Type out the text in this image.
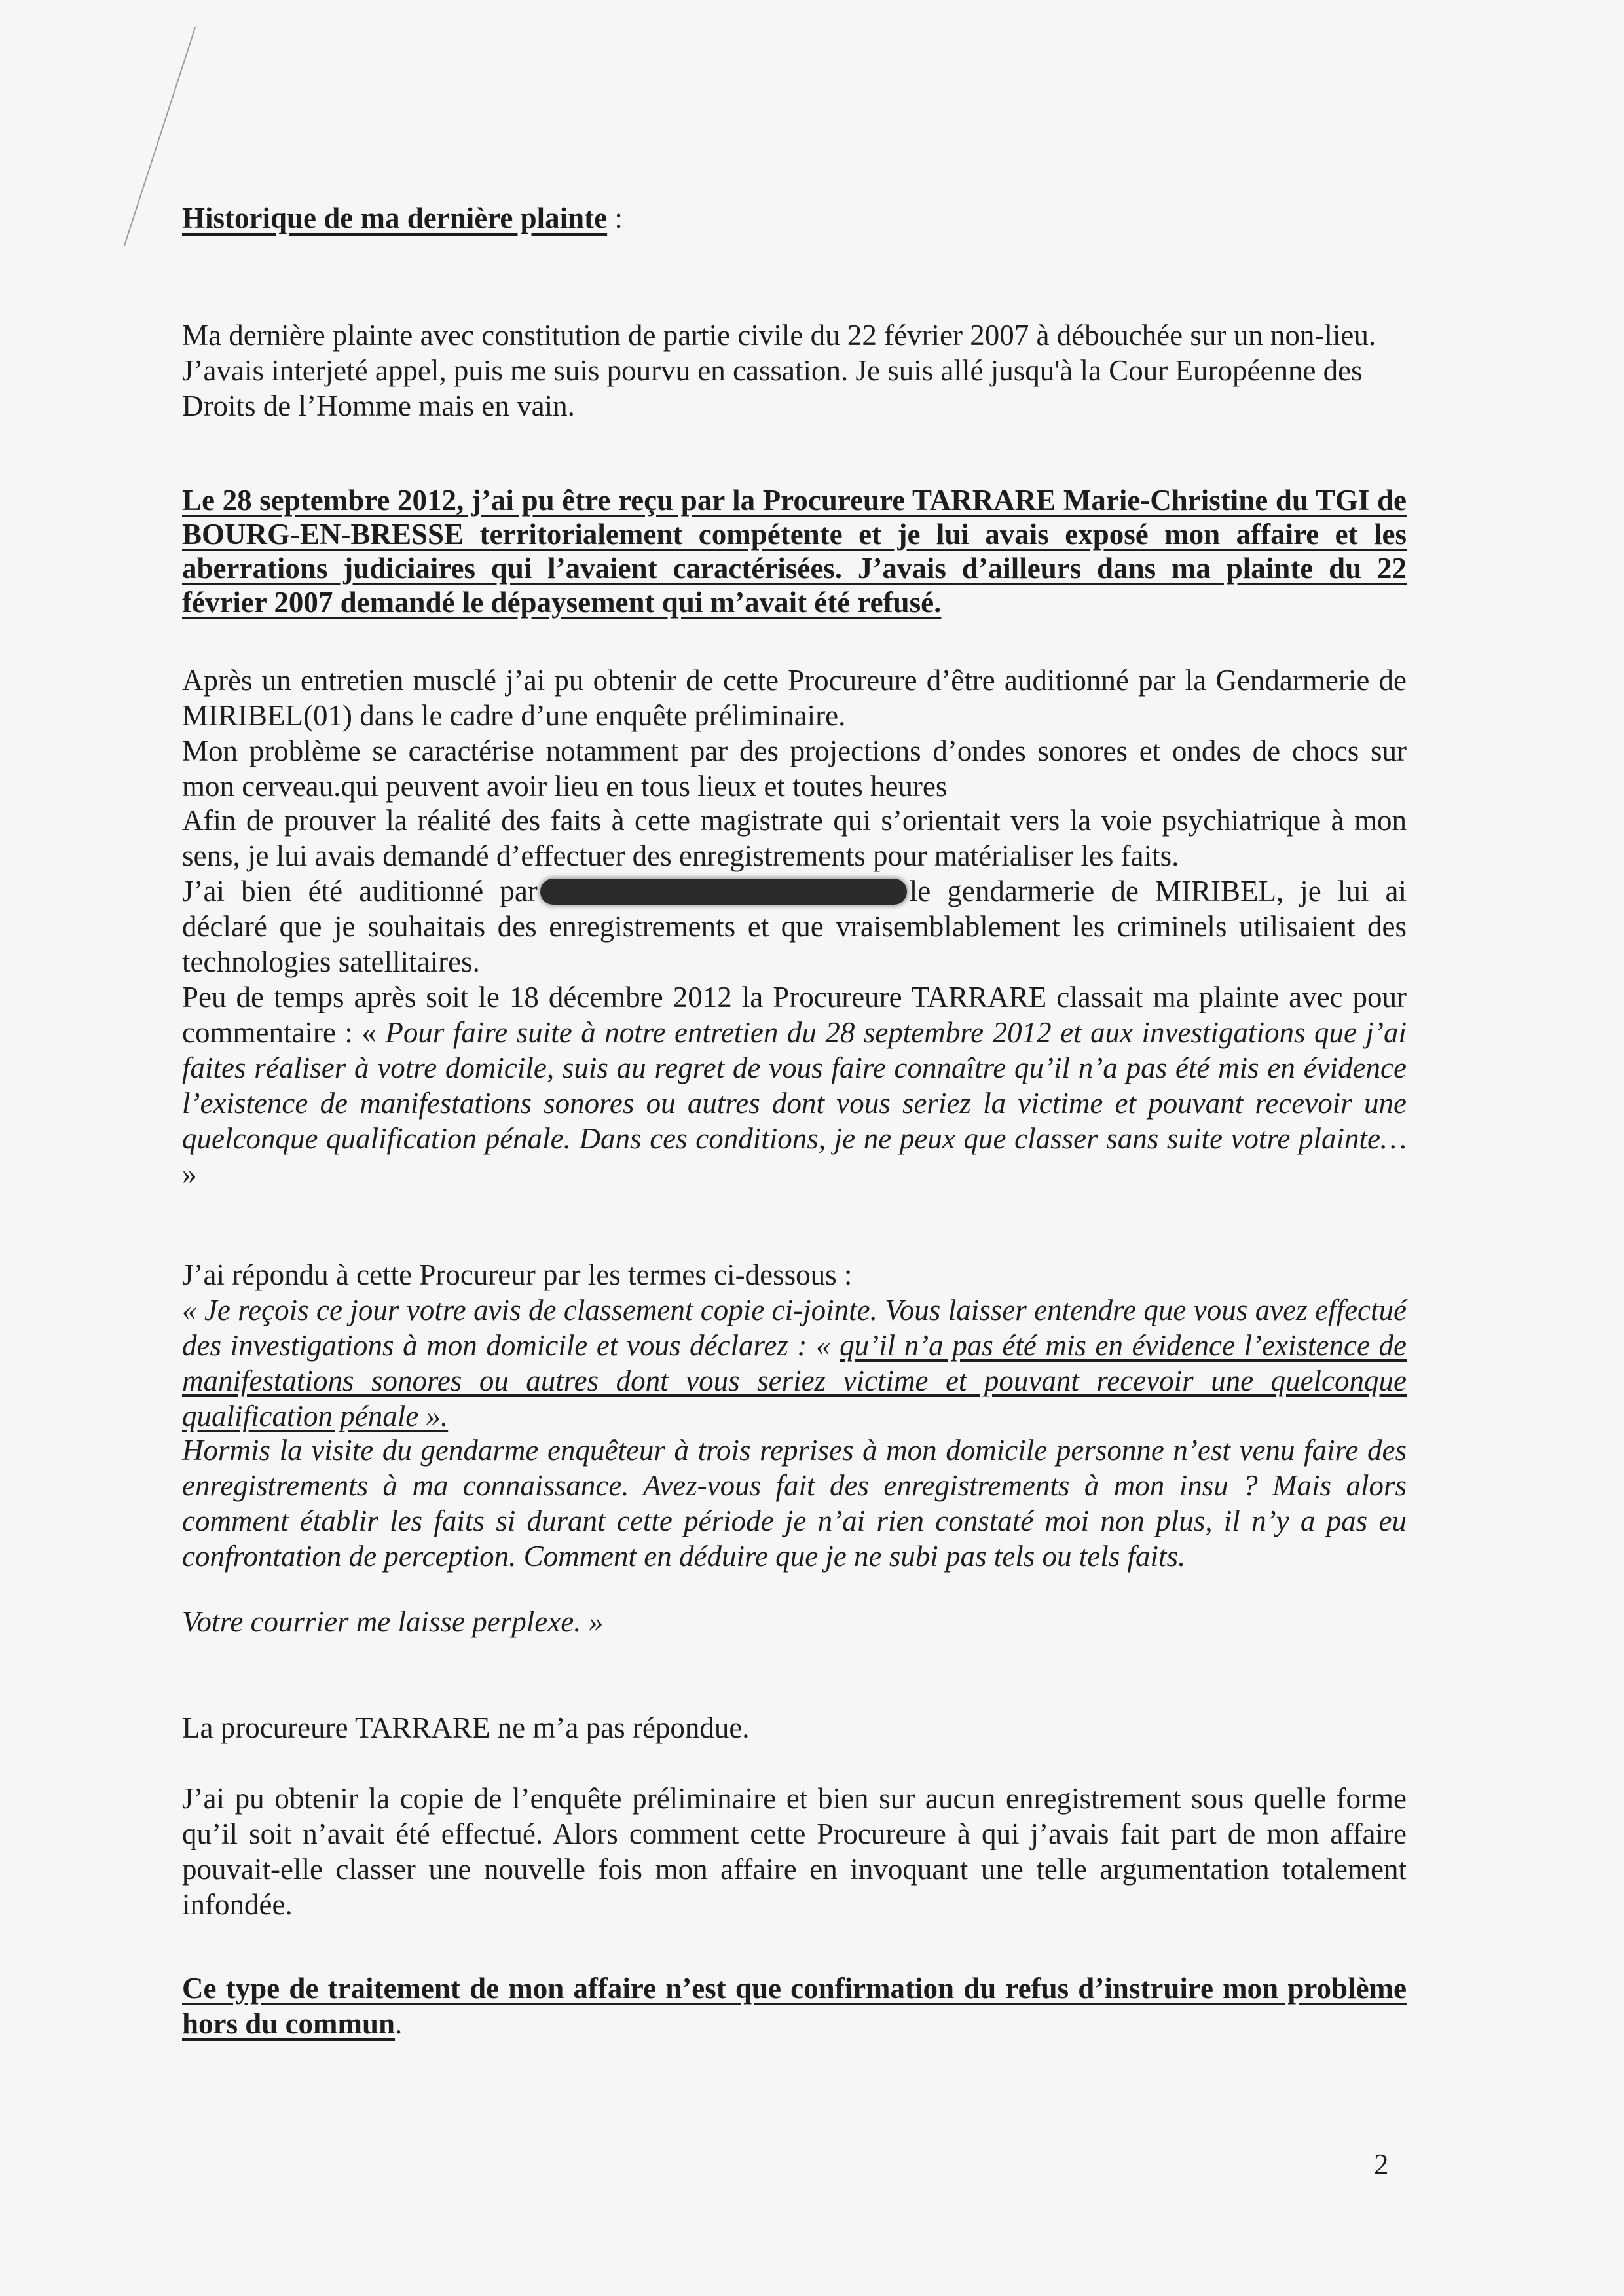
Historique de ma dernière plainte :

Ma dernière plainte avec constitution de partie civile du 22 février 2007 à débouchée sur un non-lieu. J’avais interjeté appel, puis me suis pourvu en cassation. Je suis allé jusqu'à la Cour Européenne des Droits de l’Homme mais en vain.

Le 28 septembre 2012, j’ai pu être reçu par la Procureure TARRARE Marie-Christine du TGI de BOURG-EN-BRESSE territorialement compétente et je lui avais exposé mon affaire et les aberrations judiciaires qui l’avaient caractérisées. J’avais d’ailleurs dans ma plainte du 22 février 2007 demandé le dépaysement qui m’avait été refusé.

Après un entretien musclé j’ai pu obtenir de cette Procureure d’être auditionné par la Gendarmerie de MIRIBEL(01) dans le cadre d’une enquête préliminaire.

Mon problème se caractérise notamment par des projections d’ondes sonores et ondes de chocs sur mon cerveau.qui peuvent avoir lieu en tous lieux et toutes heures

Afin de prouver la réalité des faits à cette magistrate qui s’orientait vers la voie psychiatrique à mon sens, je lui avais demandé d’effectuer des enregistrements pour matérialiser les faits.

J’ai bien été auditionné par	le gendarmerie de MIRIBEL, je lui ai déclaré que je souhaitais des enregistrements et que vraisemblablement les criminels utilisaient des technologies satellitaires.

Peu de temps après soit le 18 décembre 2012 la Procureure TARRARE classait ma plainte avec pour commentaire : « Pour faire suite à notre entretien du 28 septembre 2012 et aux investigations que j’ai faites réaliser à votre domicile, suis au regret de vous faire connaître qu’il n’a pas été mis en évidence l’existence de manifestations sonores ou autres dont vous seriez la victime et pouvant recevoir une quelconque qualification pénale. Dans ces conditions, je ne peux que classer sans suite votre plainte… »

J’ai répondu à cette Procureur par les termes ci-dessous :

« Je reçois ce jour votre avis de classement copie ci-jointe. Vous laisser entendre que vous avez effectué des investigations à mon domicile et vous déclarez : « qu’il n’a pas été mis en évidence l’existence de manifestations sonores ou autres dont vous seriez victime et pouvant recevoir une quelconque qualification pénale ».

Hormis la visite du gendarme enquêteur à trois reprises à mon domicile personne n’est venu faire des enregistrements à ma connaissance. Avez-vous fait des enregistrements à mon insu ? Mais alors comment établir les faits si durant cette période je n’ai rien constaté moi non plus, il n’y a pas eu confrontation de perception. Comment en déduire que je ne subi pas tels ou tels faits.

Votre courrier me laisse perplexe. »

La procureure TARRARE ne m’a pas répondue.

J’ai pu obtenir la copie de l’enquête préliminaire et bien sur aucun enregistrement sous quelle forme qu’il soit n’avait été effectué. Alors comment cette Procureure à qui j’avais fait part de mon affaire pouvait-elle classer une nouvelle fois mon affaire en invoquant une telle argumentation totalement infondée.

Ce type de traitement de mon affaire n’est que confirmation du refus d’instruire mon problème hors du commun.

2
